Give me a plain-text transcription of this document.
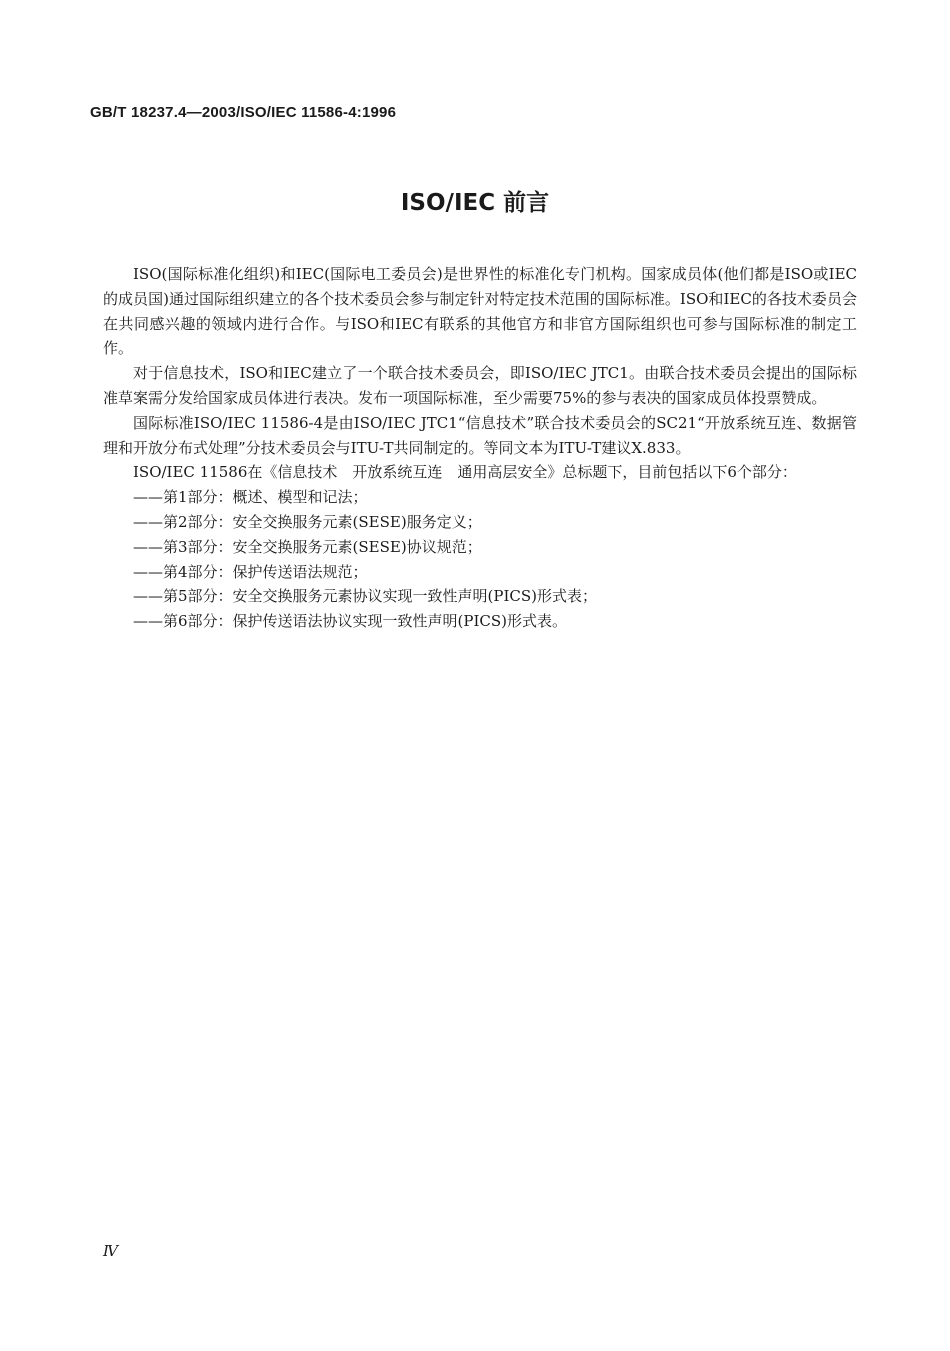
GB/T 18237.4—2003/ISO/IEC 11586-4:1996
ISO/IEC 前言

ISO(国际标准化组织)和IEC(国际电工委员会)是世界性的标准化专门机构。国家成员体(他们都是ISO或IEC的成员国)通过国际组织建立的各个技术委员会参与制定针对特定技术范围的国际标准。ISO和IEC的各技术委员会在共同感兴趣的领域内进行合作。与ISO和IEC有联系的其他官方和非官方国际组织也可参与国际标准的制定工作。

对于信息技术，ISO和IEC建立了一个联合技术委员会，即ISO/IEC JTC1。由联合技术委员会提出的国际标准草案需分发给国家成员体进行表决。发布一项国际标准，至少需要75%的参与表决的国家成员体投票赞成。

国际标准ISO/IEC 11586-4是由ISO/IEC JTC1“信息技术”联合技术委员会的SC21“开放系统互连、数据管理和开放分布式处理”分技术委员会与ITU-T共同制定的。等同文本为ITU-T建议X.833。

ISO/IEC 11586在《信息技术　开放系统互连　通用高层安全》总标题下，目前包括以下6个部分：

——第1部分：概述、模型和记法；
——第2部分：安全交换服务元素(SESE)服务定义；
——第3部分：安全交换服务元素(SESE)协议规范；
——第4部分：保护传送语法规范；
——第5部分：安全交换服务元素协议实现一致性声明(PICS)形式表；
——第6部分：保护传送语法协议实现一致性声明(PICS)形式表。
Ⅳ
